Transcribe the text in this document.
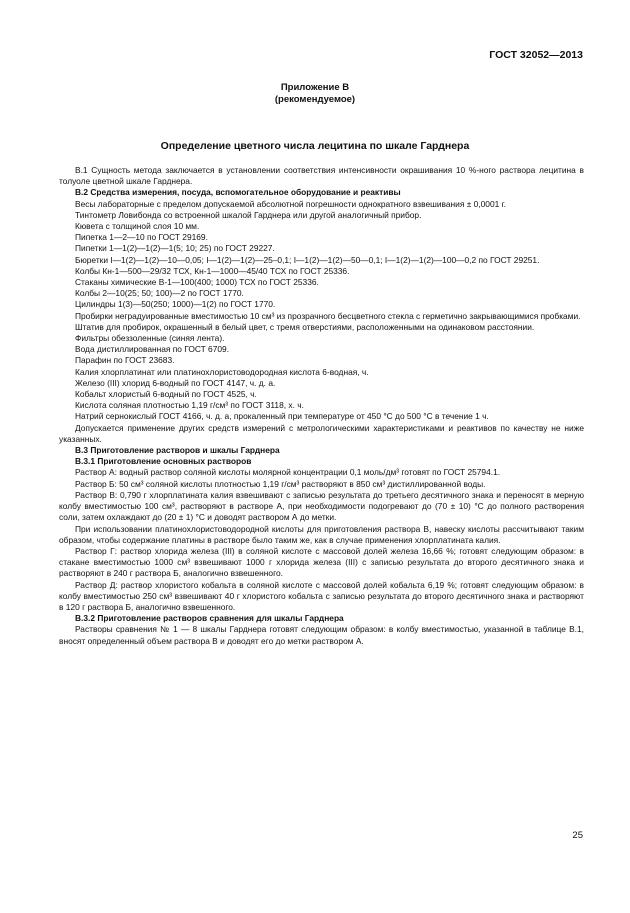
ГОСТ 32052—2013
Приложение В
(рекомендуемое)
Определение цветного числа лецитина по шкале Гарднера

В.1 Сущность метода заключается в установлении соответствия интенсивности окрашивания 10 %-ного раствора лецитина в толуоле цветной шкале Гарднера.

В.2 Средства измерения, посуда, вспомогательное оборудование и реактивы

Весы лабораторные с пределом допускаемой абсолютной погрешности однократного взвешивания ± 0,0001 г.

Тинтометр Ловибонда со встроенной шкалой Гарднера или другой аналогичный прибор.

Кювета с толщиной слоя 10 мм.

Пипетка 1—2—10 по ГОСТ 29169.

Пипетки 1—1(2)—1(2)—1(5; 10; 25) по ГОСТ 29227.

Бюретки I—1(2)—1(2)—10—0,05; I—1(2)—1(2)—25–0,1; I—1(2)—1(2)—50—0,1; I—1(2)—1(2)—100—0,2 по ГОСТ 29251.

Колбы Кн-1—500—29/32 ТСХ, Кн-1—1000—45/40 ТСХ по ГОСТ 25336.

Стаканы химические В-1—100(400; 1000) ТСХ по ГОСТ 25336.

Колбы 2—10(25; 50; 100)—2 по ГОСТ 1770.

Цилиндры 1(3)—50(250; 1000)—1(2) по ГОСТ 1770.

Пробирки неградуированные вместимостью 10 см³ из прозрачного бесцветного стекла с герметично закрывающимися пробками.

Штатив для пробирок, окрашенный в белый цвет, с тремя отверстиями, расположенными на одинаковом расстоянии.

Фильтры обеззоленные (синяя лента).

Вода дистиллированная по ГОСТ 6709.

Парафин по ГОСТ 23683.

Калия хлорплатинат или платинохлористоводородная кислота 6-водная, ч.

Железо (III) хлорид 6-водный по ГОСТ 4147, ч. д. а.

Кобальт хлористый 6-водный по ГОСТ 4525, ч.

Кислота соляная плотностью 1,19 г/см³ по ГОСТ 3118, х. ч.

Натрий сернокислый ГОСТ 4166, ч. д. а, прокаленный при температуре от 450 °С до 500 °С в течение 1 ч.

Допускается применение других средств измерений с метрологическими характеристиками и реактивов по качеству не ниже указанных.

В.3 Приготовление растворов и шкалы Гарднера

В.3.1 Приготовление основных растворов

Раствор А: водный раствор соляной кислоты молярной концентрации 0,1 моль/дм³ готовят по ГОСТ 25794.1.

Раствор Б: 50 см³ соляной кислоты плотностью 1,19 г/см³ растворяют в 850 см³ дистиллированной воды.

Раствор В: 0,790 г хлорплатината калия взвешивают с записью результата до третьего десятичного знака и переносят в мерную колбу вместимостью 100 см³, растворяют в растворе А, при необходимости подогревают до (70 ± 10) °С до полного растворения соли, затем охлаждают до (20 ± 1) °С и доводят раствором А до метки.

При использовании платинохлористоводородной кислоты для приготовления раствора В, навеску кислоты рассчитывают таким образом, чтобы содержание платины в растворе было таким же, как в случае применения хлорплатината калия.

Раствор Г: раствор хлорида железа (III) в соляной кислоте с массовой долей железа 16,66 %; готовят следующим образом: в стакане вместимостью 1000 см³ взвешивают 1000 г хлорида железа (III) с записью результата до второго десятичного знака и растворяют в 240 г раствора Б, аналогично взвешенного.

Раствор Д: раствор хлористого кобальта в соляной кислоте с массовой долей кобальта 6,19 %; готовят следующим образом: в колбу вместимостью 250 см³ взвешивают 40 г хлористого кобальта с записью результата до второго десятичного знака и растворяют в 120 г раствора Б, аналогично взвешенного.

В.3.2 Приготовление растворов сравнения для шкалы Гарднера

Растворы сравнения № 1 — 8 шкалы Гарднера готовят следующим образом: в колбу вместимостью, указанной в таблице В.1, вносят определенный объем раствора В и доводят его до метки раствором А.

25
